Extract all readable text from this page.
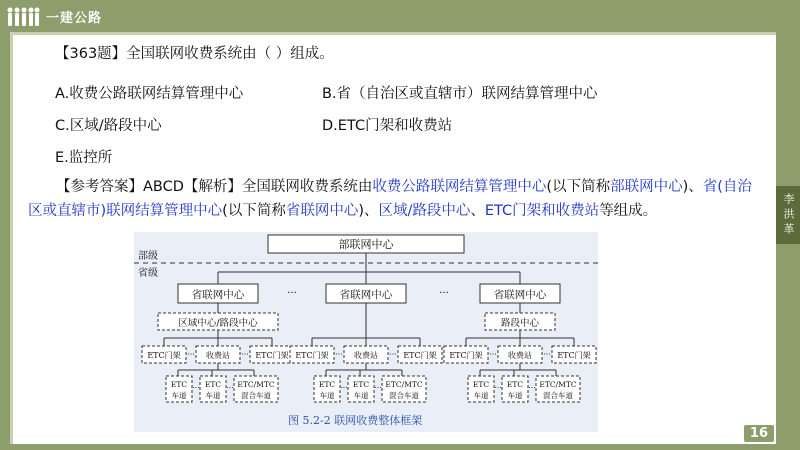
一建公路
李洪革
16
【363题】全国联网收费系统由（ ）组成。
A.收费公路联网结算管理中心	B.省（自治区或直辖市）联网结算管理中心
C.区域/路段中心	D.ETC门架和收费站
E.监控所
【参考答案】ABCD【解析】全国联网收费系统由收费公路联网结算管理中心(以下简称部联网中心)、省(自治区或直辖市)联网结算管理中心(以下简称省联网中心)、区域/路段中心、ETC门架和收费站等组成。
部联网中心
部级
省级
省联网中心	省联网中心	省联网中心
···	···
区域中心/路段中心	路段中心
ETC门架	收费站	ETC门架 ETC门架	收费站	ETC门架 ETC门架	收费站	ETC门架
···	···	···	···	···	···
ETC
车道
ETC
车道
ETC/MTC
混合车道
ETC
车道
ETC
车道
ETC/MTC
混合车道
ETC
车道
ETC
车道
ETC/MTC
混合车道
···	···	···	···	···	···
图 5.2-2 联网收费整体框架
